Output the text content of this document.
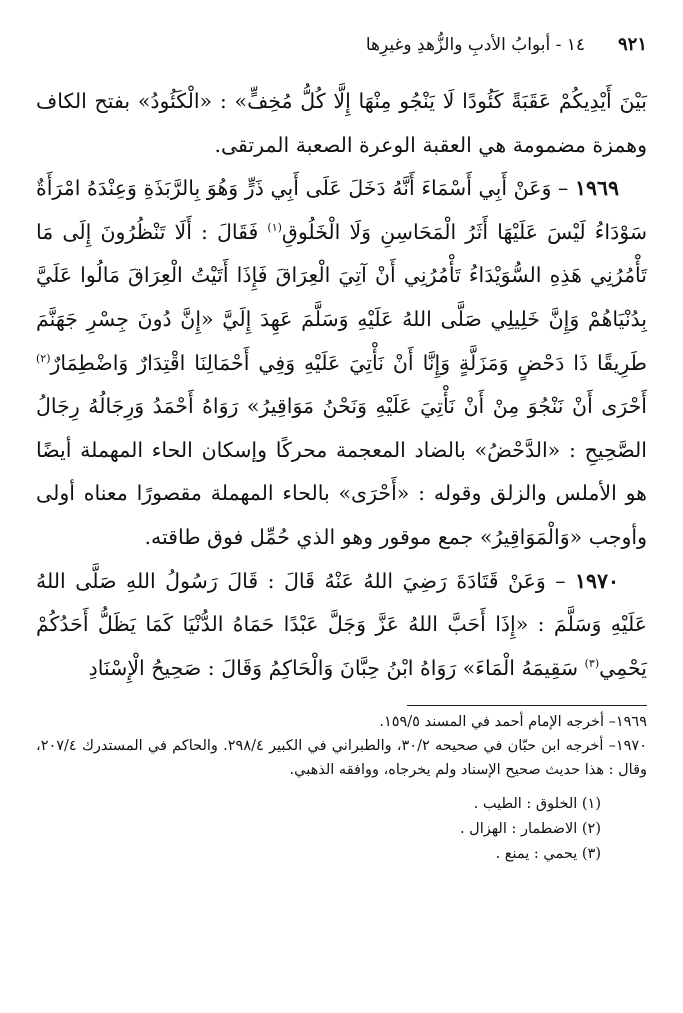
٩٢١
١٤ - أبوابُ الأدبِ والزُّهدِ وغيرِها

بَيْنَ أَيْدِيكُمْ عَقَبَةً كَئُودًا لَا يَنْجُو مِنْهَا إِلَّا كُلُّ مُخِفٍّ» : «الْكَئُودُ» بفتح الكاف وهمزة مضمومة هي العقبة الوعرة الصعبة المرتقى.

١٩٦٩ – وَعَنْ أَبِي أَسْمَاءَ أَنَّهُ دَخَلَ عَلَى أَبِي ذَرٍّ وَهُوَ بِالرَّبَذَةِ وَعِنْدَهُ امْرَأَةٌ سَوْدَاءُ لَيْسَ عَلَيْهَا أَثَرُ الْمَحَاسِنِ وَلَا الْخَلُوقِ$^{(١)}$ فَقَالَ : أَلَا تَنْظُرُونَ إِلَى مَا تَأْمُرُنِي هَذِهِ السُّوَيْدَاءُ تَأْمُرُنِي أَنْ آتِيَ الْعِرَاقَ فَإِذَا أَتَيْتُ الْعِرَاقَ مَالُوا عَلَيَّ بِدُنْيَاهُمْ وَإِنَّ خَلِيلِي صَلَّى اللهُ عَلَيْهِ وَسَلَّمَ عَهِدَ إِلَيَّ «إِنَّ دُونَ جِسْرِ جَهَنَّمَ طَرِيقًا ذَا دَحْضٍ وَمَزَلَّةٍ وَإِنَّا أَنْ نَأْتِيَ عَلَيْهِ وَفِي أَحْمَالِنَا اقْتِدَارٌ وَاضْطِمَارٌ$^{(٢)}$ أَحْرَى أَنْ نَنْجُوَ مِنْ أَنْ نَأْتِيَ عَلَيْهِ وَنَحْنُ مَوَاقِيرُ» رَوَاهُ أَحْمَدُ وَرِجَالُهُ رِجَالُ الصَّحِيحِ : «الدَّحْضُ» بالضاد المعجمة محركًا وإسكان الحاء المهملة أيضًا هو الأملس والزلق وقوله : «أَحْرَى» بالحاء المهملة مقصورًا معناه أولى وأوجب «وَالْمَوَاقِيرُ» جمع موقور وهو الذي حُمِّل فوق طاقته.

١٩٧٠ – وَعَنْ قَتَادَةَ رَضِيَ اللهُ عَنْهُ قَالَ : قَالَ رَسُولُ اللهِ صَلَّى اللهُ عَلَيْهِ وَسَلَّمَ : «إِذَا أَحَبَّ اللهُ عَزَّ وَجَلَّ عَبْدًا حَمَاهُ الدُّنْيَا كَمَا يَظَلُّ أَحَدُكُمْ يَحْمِي$^{(٣)}$ سَقِيمَهُ الْمَاءَ» رَوَاهُ ابْنُ حِبَّانَ وَالْحَاكِمُ وَقَالَ : صَحِيحُ الْإِسْنَادِ

١٩٦٩– أخرجه الإمام أحمد في المسند ١٥٩/٥.

١٩٧٠– أخرجه ابن حبّان في صحيحه ٣٠/٢، والطبراني في الكبير ٢٩٨/٤. والحاكم في المستدرك ٢٠٧/٤، وقال : هذا حديث صحيح الإسناد ولم يخرجاه، ووافقه الذهبي.

(١) الخلوق : الطيب .
(٢) الاضطمار : الهزال .
(٣) يحمي : يمنع .
